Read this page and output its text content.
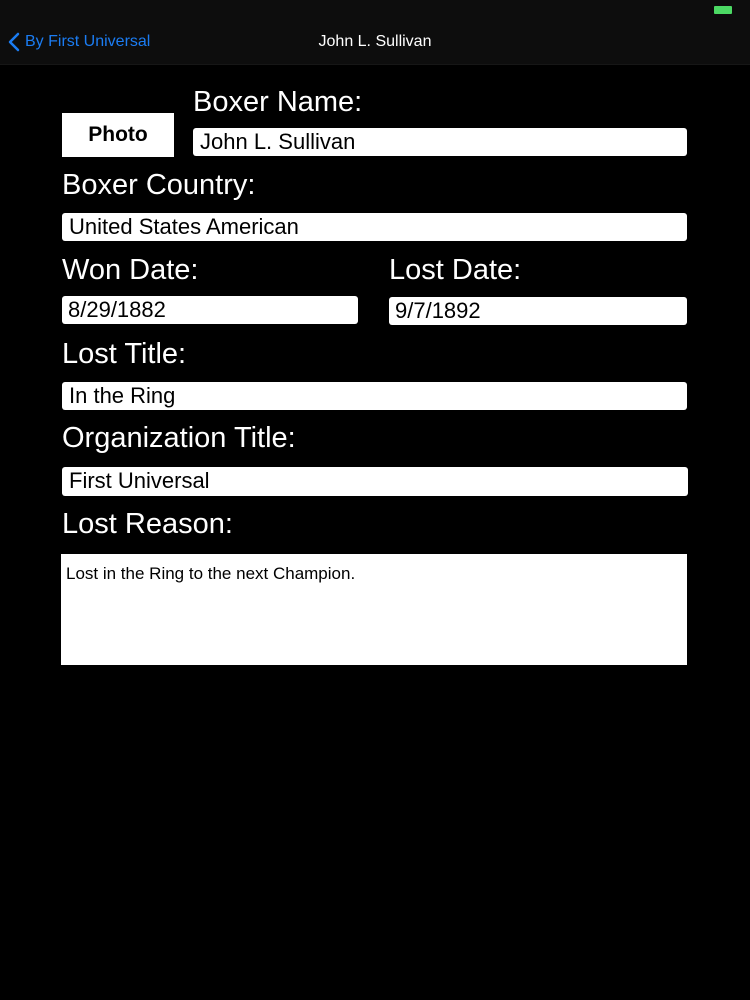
By First Universal	John L. Sullivan
Photo
Boxer Name:
John L. Sullivan
Boxer Country:
United States American
Won Date:
8/29/1882
Lost Date:
9/7/1892
Lost Title:
In the Ring
Organization Title:
First Universal
Lost Reason:
Lost in the Ring to the next Champion.
